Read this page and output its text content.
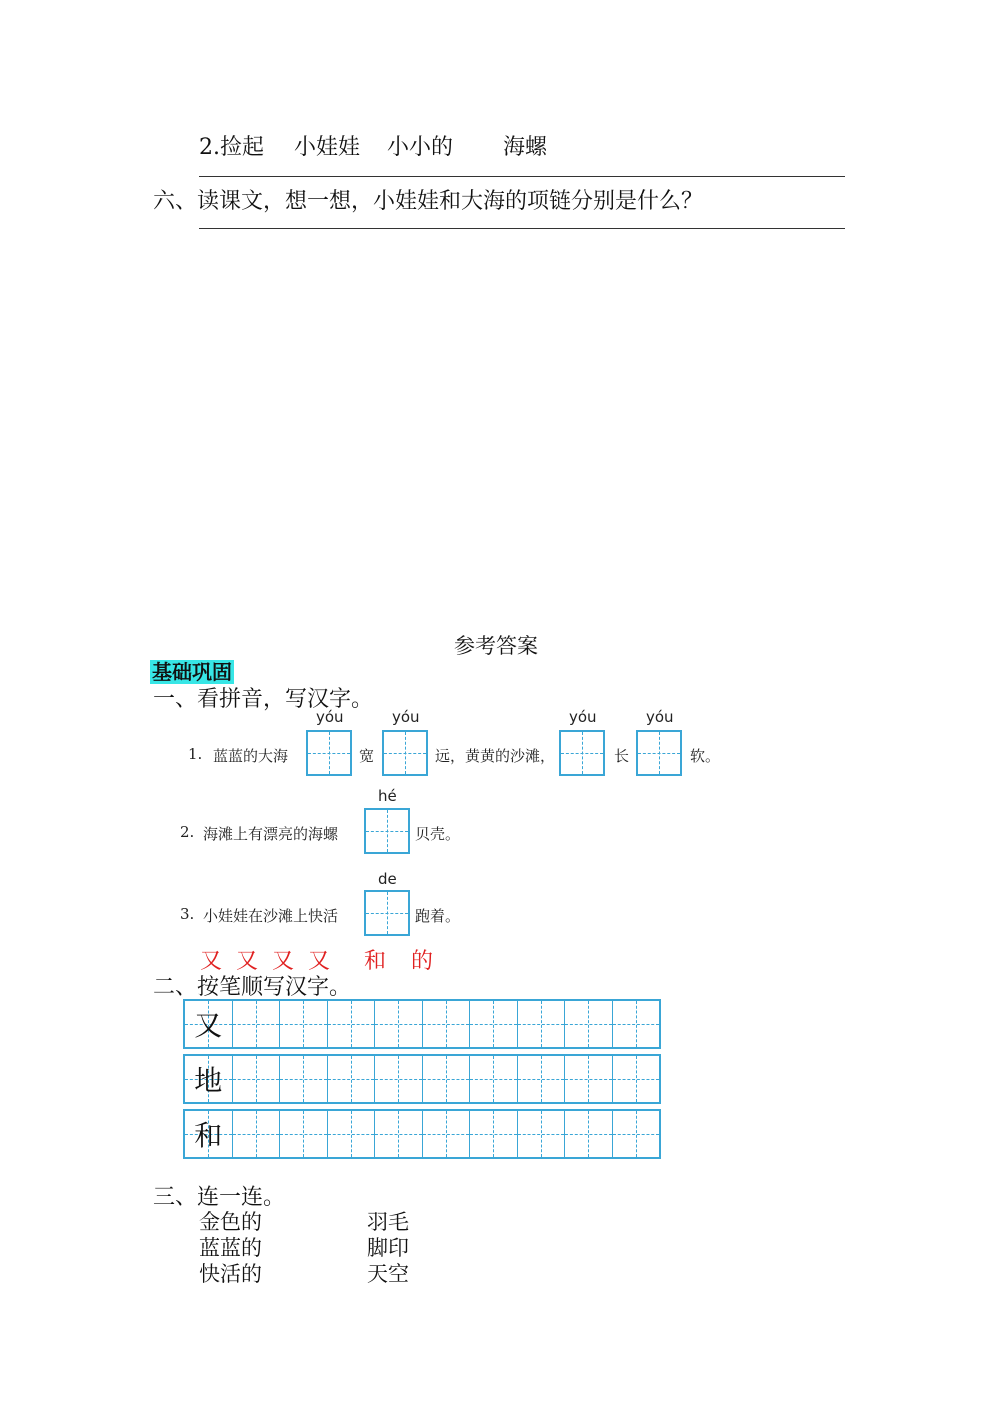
2.捡起 小娃娃 小小的 海螺
六、读课文，想一想，小娃娃和大海的项链分别是什么？
参考答案
基础巩固
一、看拼音，写汉字。
yóu	yóu	yóu	yóu
1. 蓝蓝的大海	宽	远，黄黄的沙滩，	长	软。
hé
2. 海滩上有漂亮的海螺	贝壳。
de
3. 小娃娃在沙滩上快活	跑着。
又 又 又 又 和 的
二、按笔顺写汉字。
又
地
和
三、连一连。
金色的	羽毛
蓝蓝的	脚印
快活的	天空
